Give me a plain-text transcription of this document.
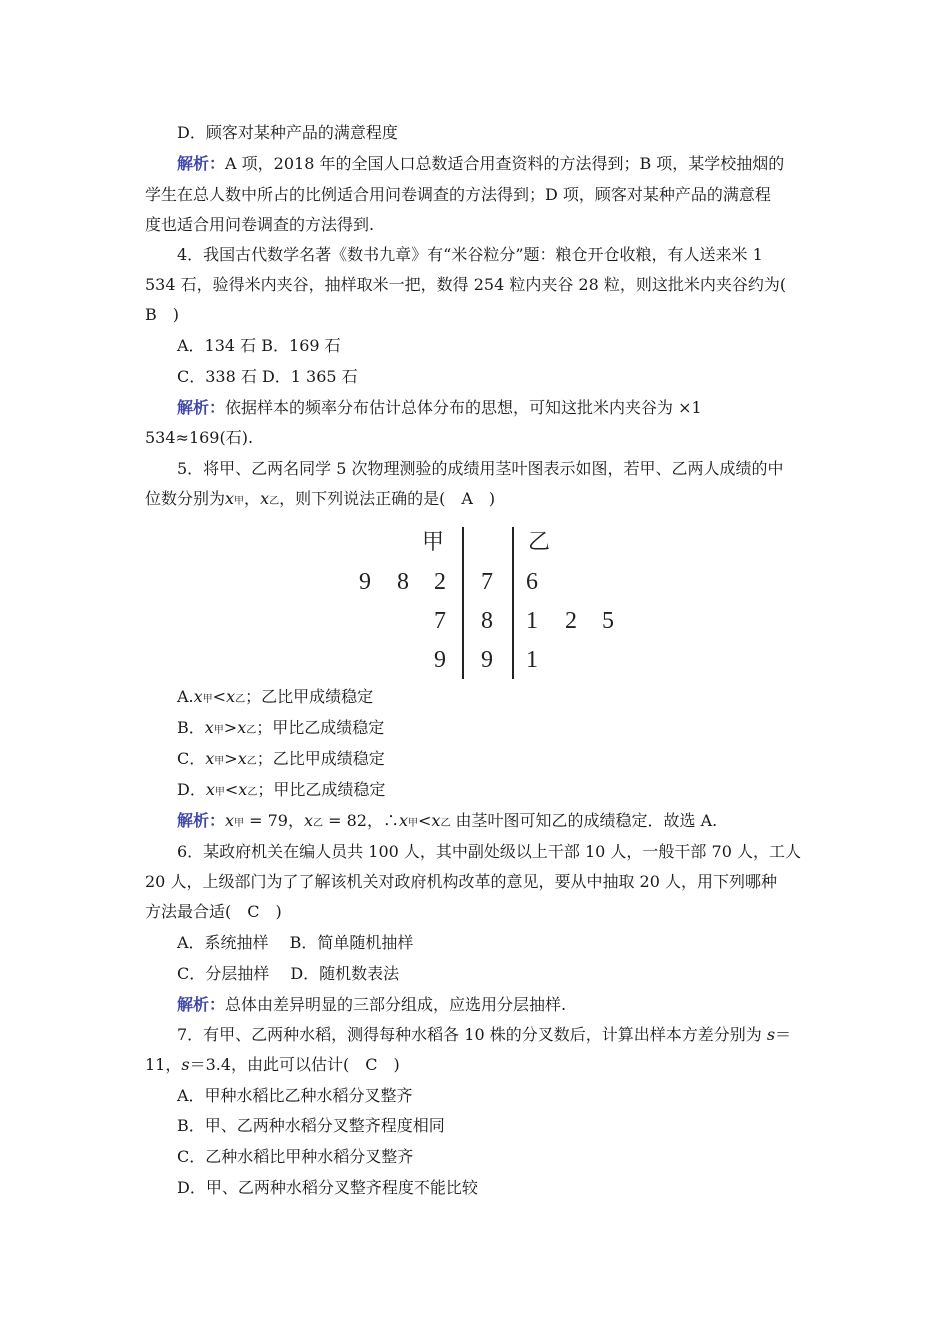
D．顾客对某种产品的满意程度
解析：A 项，2018 年的全国人口总数适合用查资料的方法得到；B 项，某学校抽烟的
学生在总人数中所占的比例适合用问卷调查的方法得到；D 项，顾客对某种产品的满意程
度也适合用问卷调查的方法得到.
4．我国古代数学名著《数书九章》有“米谷粒分”题：粮仓开仓收粮，有人送来米 1
534 石，验得米内夹谷，抽样取米一把，数得 254 粒内夹谷 28 粒，则这批米内夹谷约为(
B　)
A．134 石 B．169 石
C．338 石 D．1 365 石
解析：依据样本的频率分布估计总体分布的思想，可知这批米内夹谷为 ×1
534≈169(石).
5．将甲、乙两名同学 5 次物理测验的成绩用茎叶图表示如图，若甲、乙两人成绩的中
位数分别为x甲，x乙，则下列说法正确的是(　A　)
甲	乙
9 8 2 7 6
7 8 1 2 5
9 9 1
A.x甲<x乙；乙比甲成绩稳定
B．x甲>x乙；甲比乙成绩稳定
C．x甲>x乙；乙比甲成绩稳定
D．x甲<x乙；甲比乙成绩稳定
解析：x甲 = 79，x乙 = 82，∴x甲<x乙 由茎叶图可知乙的成绩稳定．故选 A.
6．某政府机关在编人员共 100 人，其中副处级以上干部 10 人，一般干部 70 人，工人
20 人，上级部门为了了解该机关对政府机构改革的意见，要从中抽取 20 人，用下列哪种
方法最合适(　C　)
A．系统抽样　 B．简单随机抽样
C．分层抽样　 D．随机数表法
解析：总体由差异明显的三部分组成，应选用分层抽样.
7．有甲、乙两种水稻，测得每种水稻各 10 株的分叉数后，计算出样本方差分别为 s＝
11，s＝3.4，由此可以估计(　C　)
A．甲种水稻比乙种水稻分叉整齐
B．甲、乙两种水稻分叉整齐程度相同
C．乙种水稻比甲种水稻分叉整齐
D．甲、乙两种水稻分叉整齐程度不能比较
